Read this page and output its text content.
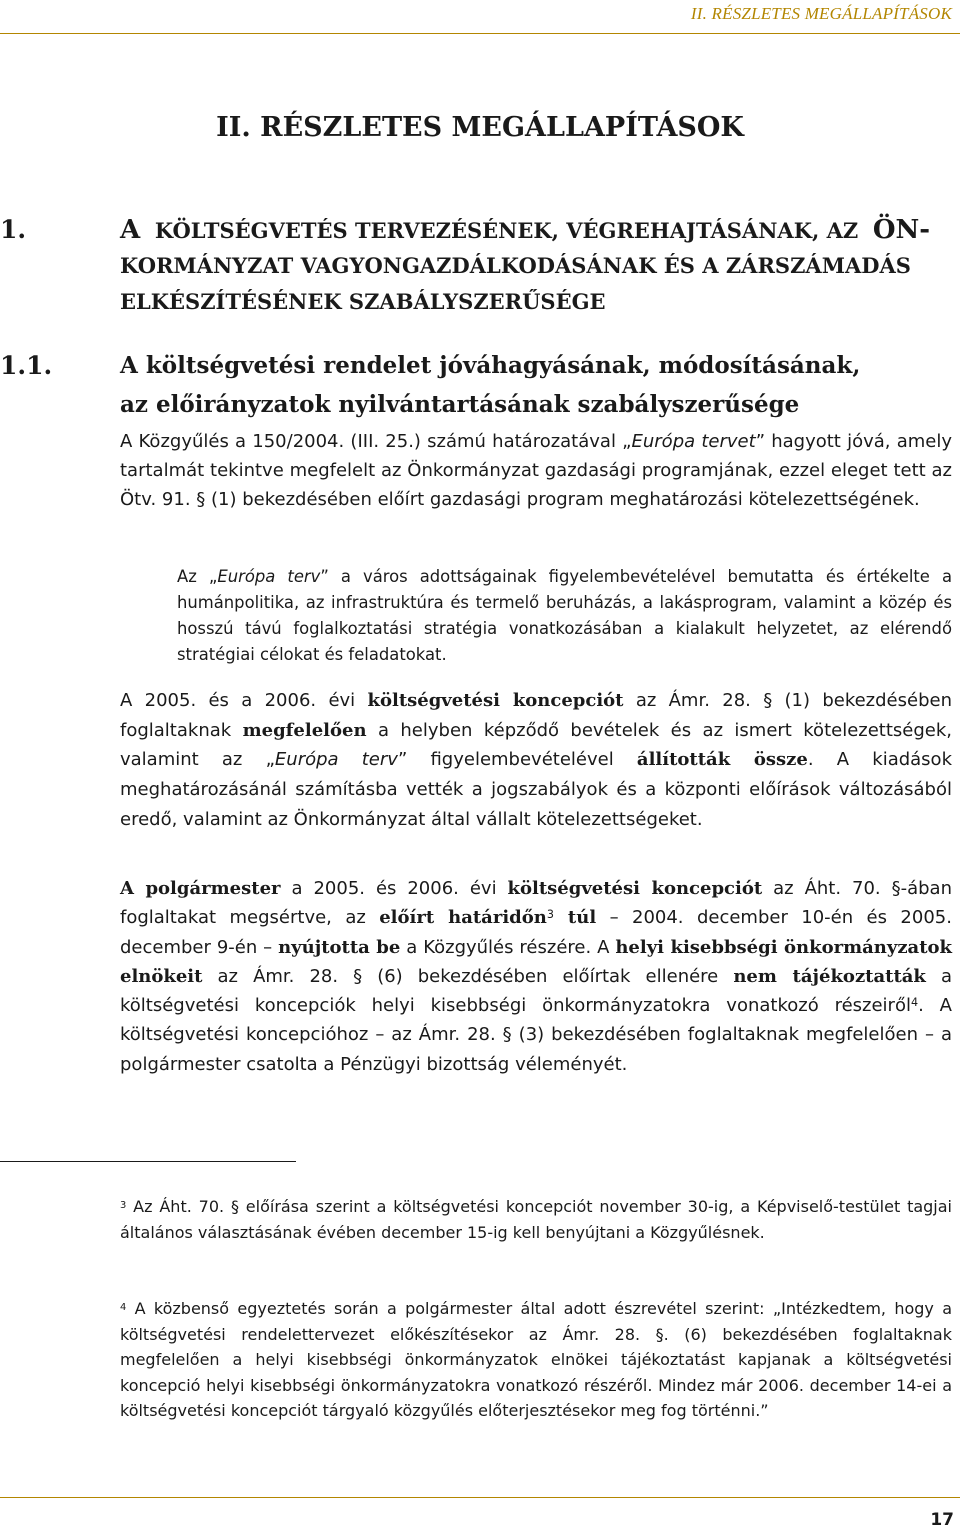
II. RÉSZLETES MEGÁLLAPÍTÁSOK
II. RÉSZLETES MEGÁLLAPÍTÁSOK
1.	A KÖLTSÉGVETÉS TERVEZÉSÉNEK, VÉGREHAJTÁSÁNAK, AZ ÖN-
KORMÁNYZAT VAGYONGAZDÁLKODÁSÁNAK ÉS A ZÁRSZÁMADÁS
ELKÉSZÍTÉSÉNEK SZABÁLYSZERŰSÉGE
1.1.	A költségvetési rendelet jóváhagyásának, módosításának,
az előirányzatok nyilvántartásának szabályszerűsége

A Közgyűlés a 150/2004. (III. 25.) számú határozatával „Európa tervet” hagyott jóvá, amely tartalmát tekintve megfelelt az Önkormányzat gazdasági programjának, ezzel eleget tett az Ötv. 91. § (1) bekezdésében előírt gazdasági program meghatározási kötelezettségének.

Az „Európa terv” a város adottságainak figyelembevételével bemutatta és értékelte a humánpolitika, az infrastruktúra és termelő beruházás, a lakásprogram, valamint a közép és hosszú távú foglalkoztatási stratégia vonatkozásában a kialakult helyzetet, az elérendő stratégiai célokat és feladatokat.

A 2005. és a 2006. évi költségvetési koncepciót az Ámr. 28. § (1) bekezdésében foglaltaknak megfelelően a helyben képződő bevételek és az ismert kötelezettségek, valamint az „Európa terv” figyelembevételével állították össze. A kiadások meghatározásánál számításba vették a jogszabályok és a központi előírások változásából eredő, valamint az Önkormányzat által vállalt kötelezettségeket.

A polgármester a 2005. és 2006. évi költségvetési koncepciót az Áht. 70. §-ában foglaltakat megsértve, az előírt határidőn$^3$ túl – 2004. december 10-én és 2005. december 9-én – nyújtotta be a Közgyűlés részére. A helyi kisebbségi önkormányzatok elnökeit az Ámr. 28. § (6) bekezdésében előírtak ellenére nem tájékoztatták a költségvetési koncepciók helyi kisebbségi önkormányzatokra vonatkozó részeiről$^4$. A költségvetési koncepcióhoz – az Ámr. 28. § (3) bekezdésében foglaltaknak megfelelően – a polgármester csatolta a Pénzügyi bizottság véleményét.

$^3$ Az Áht. 70. § előírása szerint a költségvetési koncepciót november 30-ig, a Képviselő-testület tagjai általános választásának évében december 15-ig kell benyújtani a Közgyűlésnek.

$^4$ A közbenső egyeztetés során a polgármester által adott észrevétel szerint: „Intézkedtem, hogy a költségvetési rendelettervezet előkészítésekor az Ámr. 28. §. (6) bekezdésében foglaltaknak megfelelően a helyi kisebbségi önkormányzatok elnökei tájékoztatást kapjanak a költségvetési koncepció helyi kisebbségi önkormányzatokra vonatkozó részéről. Mindez már 2006. december 14-ei a költségvetési koncepciót tárgyaló közgyűlés előterjesztésekor meg fog történni.”

17
